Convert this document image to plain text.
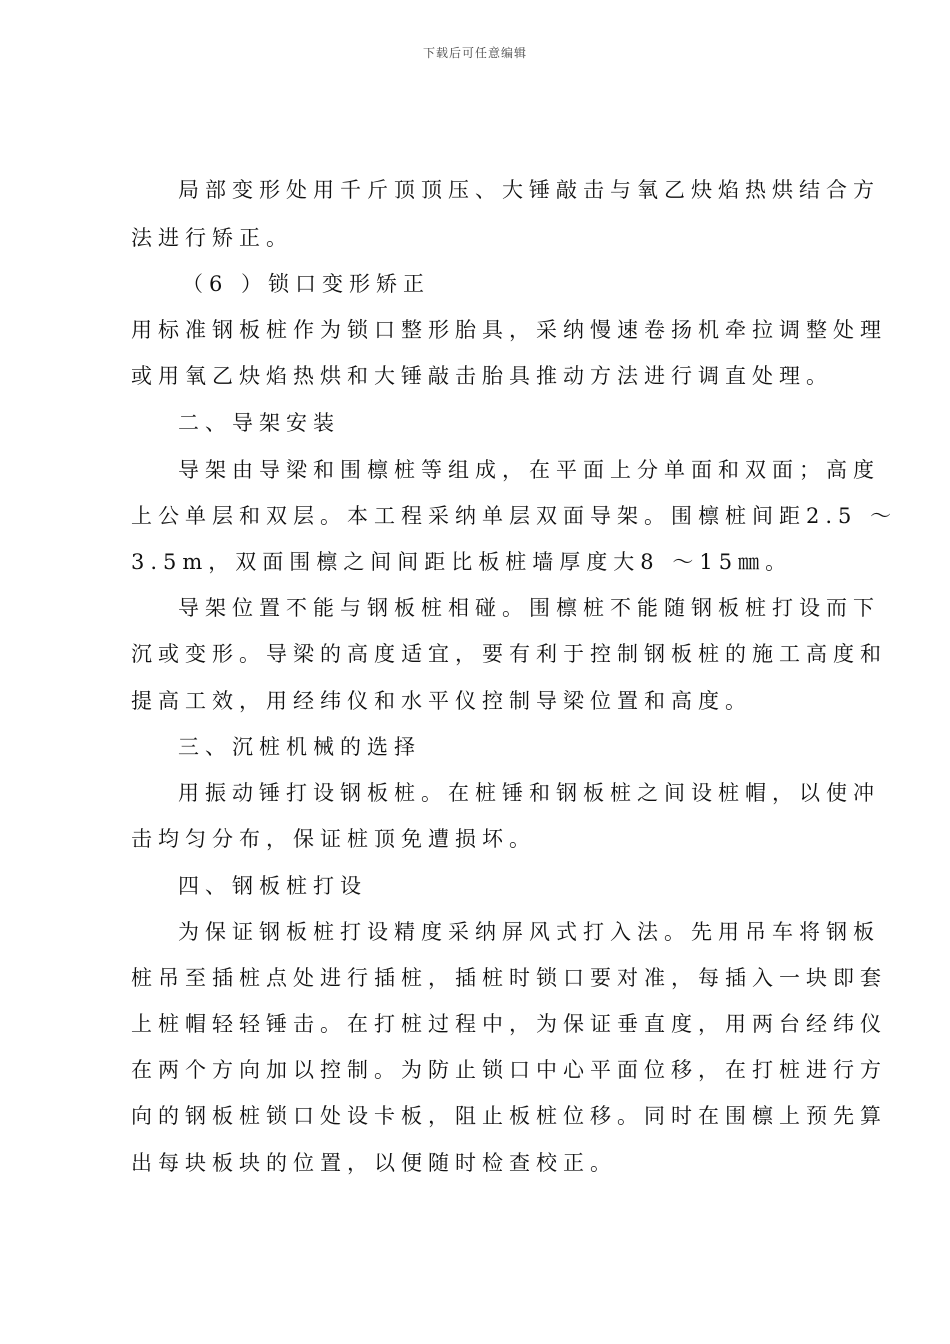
下载后可任意编辑
局部变形处用千斤顶顶压、大锤敲击与氧乙炔焰热烘结合方
法进行矫正。
（6 ）锁口变形矫正
用标准钢板桩作为锁口整形胎具，采纳慢速卷扬机牵拉调整处理
或用氧乙炔焰热烘和大锤敲击胎具推动方法进行调直处理。
二、导架安装
导架由导梁和围檩桩等组成，在平面上分单面和双面；高度
上公单层和双层。本工程采纳单层双面导架。围檩桩间距2.5 ～
3.5m，双面围檩之间间距比板桩墙厚度大8 ～15㎜。
导架位置不能与钢板桩相碰。围檩桩不能随钢板桩打设而下
沉或变形。导梁的高度适宜，要有利于控制钢板桩的施工高度和
提高工效，用经纬仪和水平仪控制导梁位置和高度。
三、沉桩机械的选择
用振动锤打设钢板桩。在桩锤和钢板桩之间设桩帽，以使冲
击均匀分布，保证桩顶免遭损坏。
四、钢板桩打设
为保证钢板桩打设精度采纳屏风式打入法。先用吊车将钢板
桩吊至插桩点处进行插桩，插桩时锁口要对准，每插入一块即套
上桩帽轻轻锤击。在打桩过程中，为保证垂直度，用两台经纬仪
在两个方向加以控制。为防止锁口中心平面位移，在打桩进行方
向的钢板桩锁口处设卡板，阻止板桩位移。同时在围檩上预先算
出每块板块的位置，以便随时检查校正。
